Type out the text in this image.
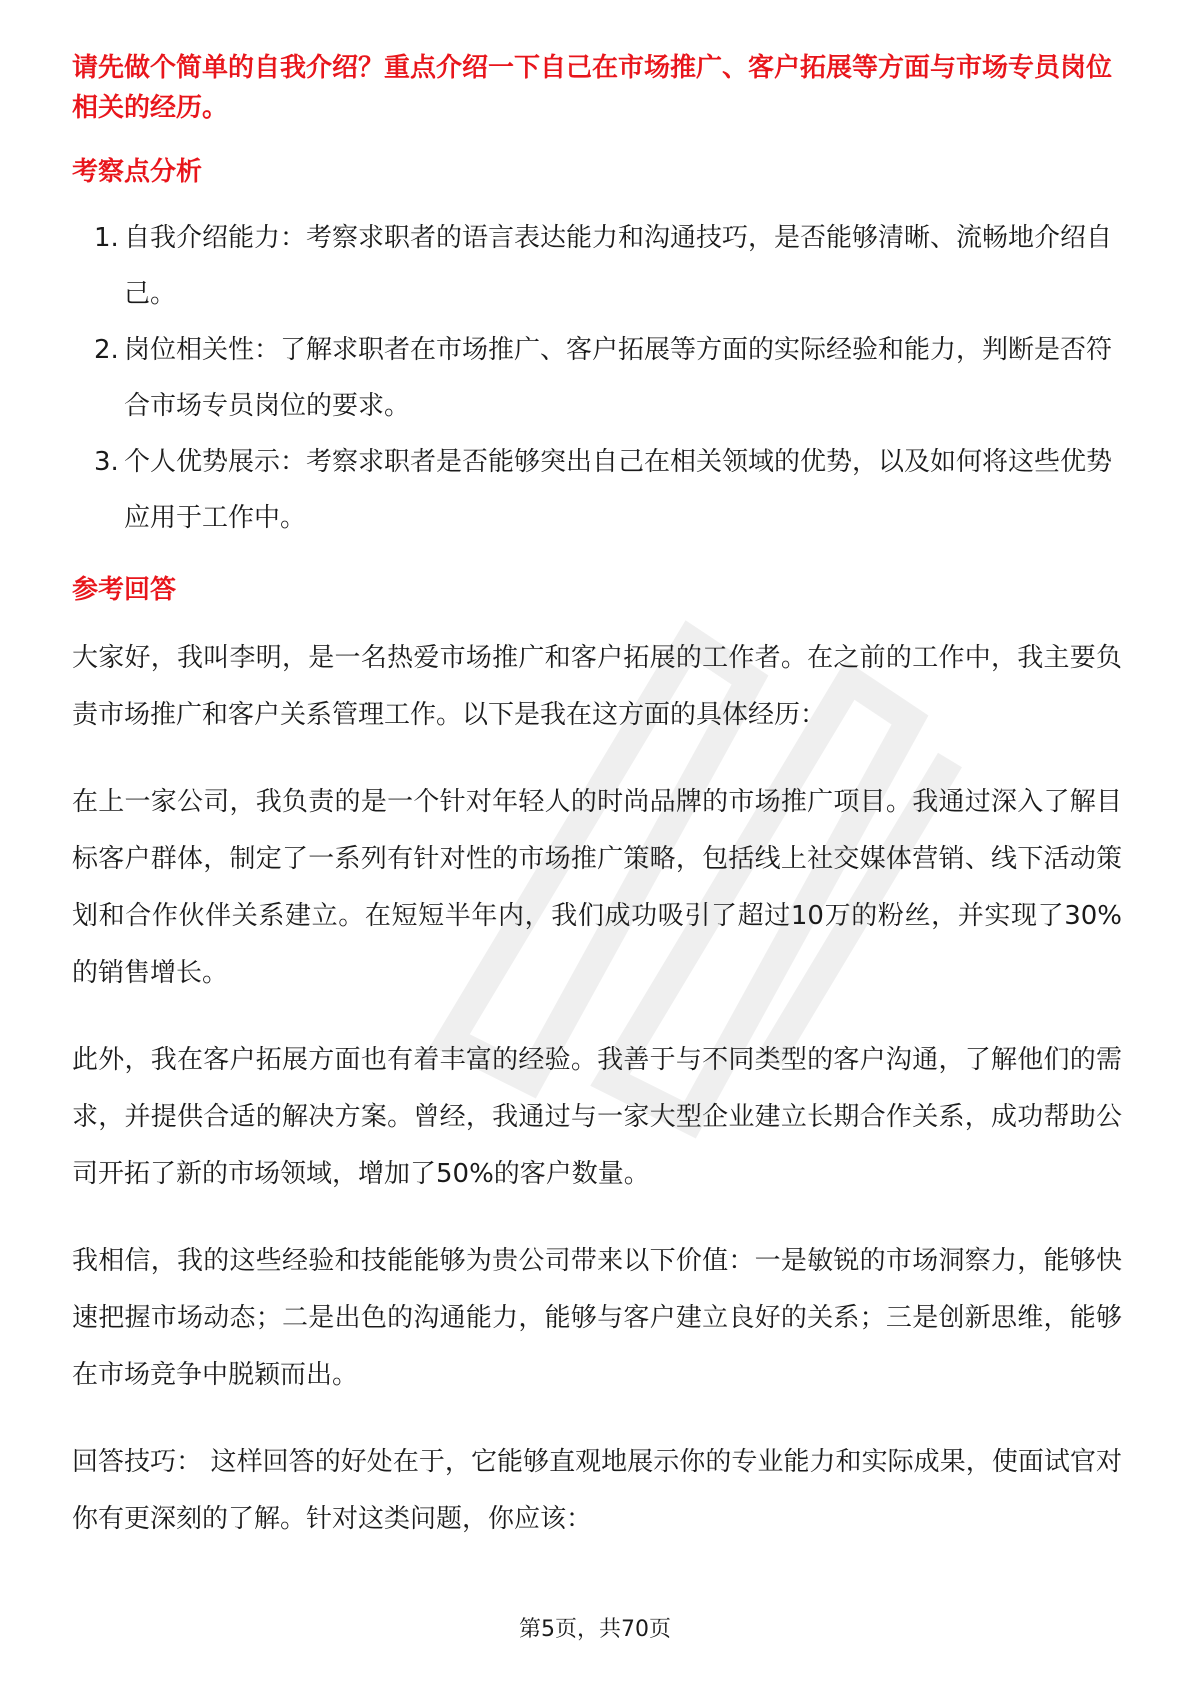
请先做个简单的自我介绍？重点介绍一下自己在市场推广、客户拓展等方面与市场专员岗位相关的经历。

考察点分析
1. 自我介绍能力：考察求职者的语言表达能力和沟通技巧，是否能够清晰、流畅地介绍自己。
2. 岗位相关性：了解求职者在市场推广、客户拓展等方面的实际经验和能力，判断是否符合市场专员岗位的要求。
3. 个人优势展示：考察求职者是否能够突出自己在相关领域的优势，以及如何将这些优势应用于工作中。
参考回答

大家好，我叫李明，是一名热爱市场推广和客户拓展的工作者。在之前的工作中，我主要负责市场推广和客户关系管理工作。以下是我在这方面的具体经历：

在上一家公司，我负责的是一个针对年轻人的时尚品牌的市场推广项目。我通过深入了解目标客户群体，制定了一系列有针对性的市场推广策略，包括线上社交媒体营销、线下活动策划和合作伙伴关系建立。在短短半年内，我们成功吸引了超过10万的粉丝，并实现了30%的销售增长。

此外，我在客户拓展方面也有着丰富的经验。我善于与不同类型的客户沟通，了解他们的需求，并提供合适的解决方案。曾经，我通过与一家大型企业建立长期合作关系，成功帮助公司开拓了新的市场领域，增加了50%的客户数量。

我相信，我的这些经验和技能能够为贵公司带来以下价值：一是敏锐的市场洞察力，能够快速把握市场动态；二是出色的沟通能力，能够与客户建立良好的关系；三是创新思维，能够在市场竞争中脱颖而出。

回答技巧： 这样回答的好处在于，它能够直观地展示你的专业能力和实际成果，使面试官对你有更深刻的了解。针对这类问题，你应该：

第5页，共70页
